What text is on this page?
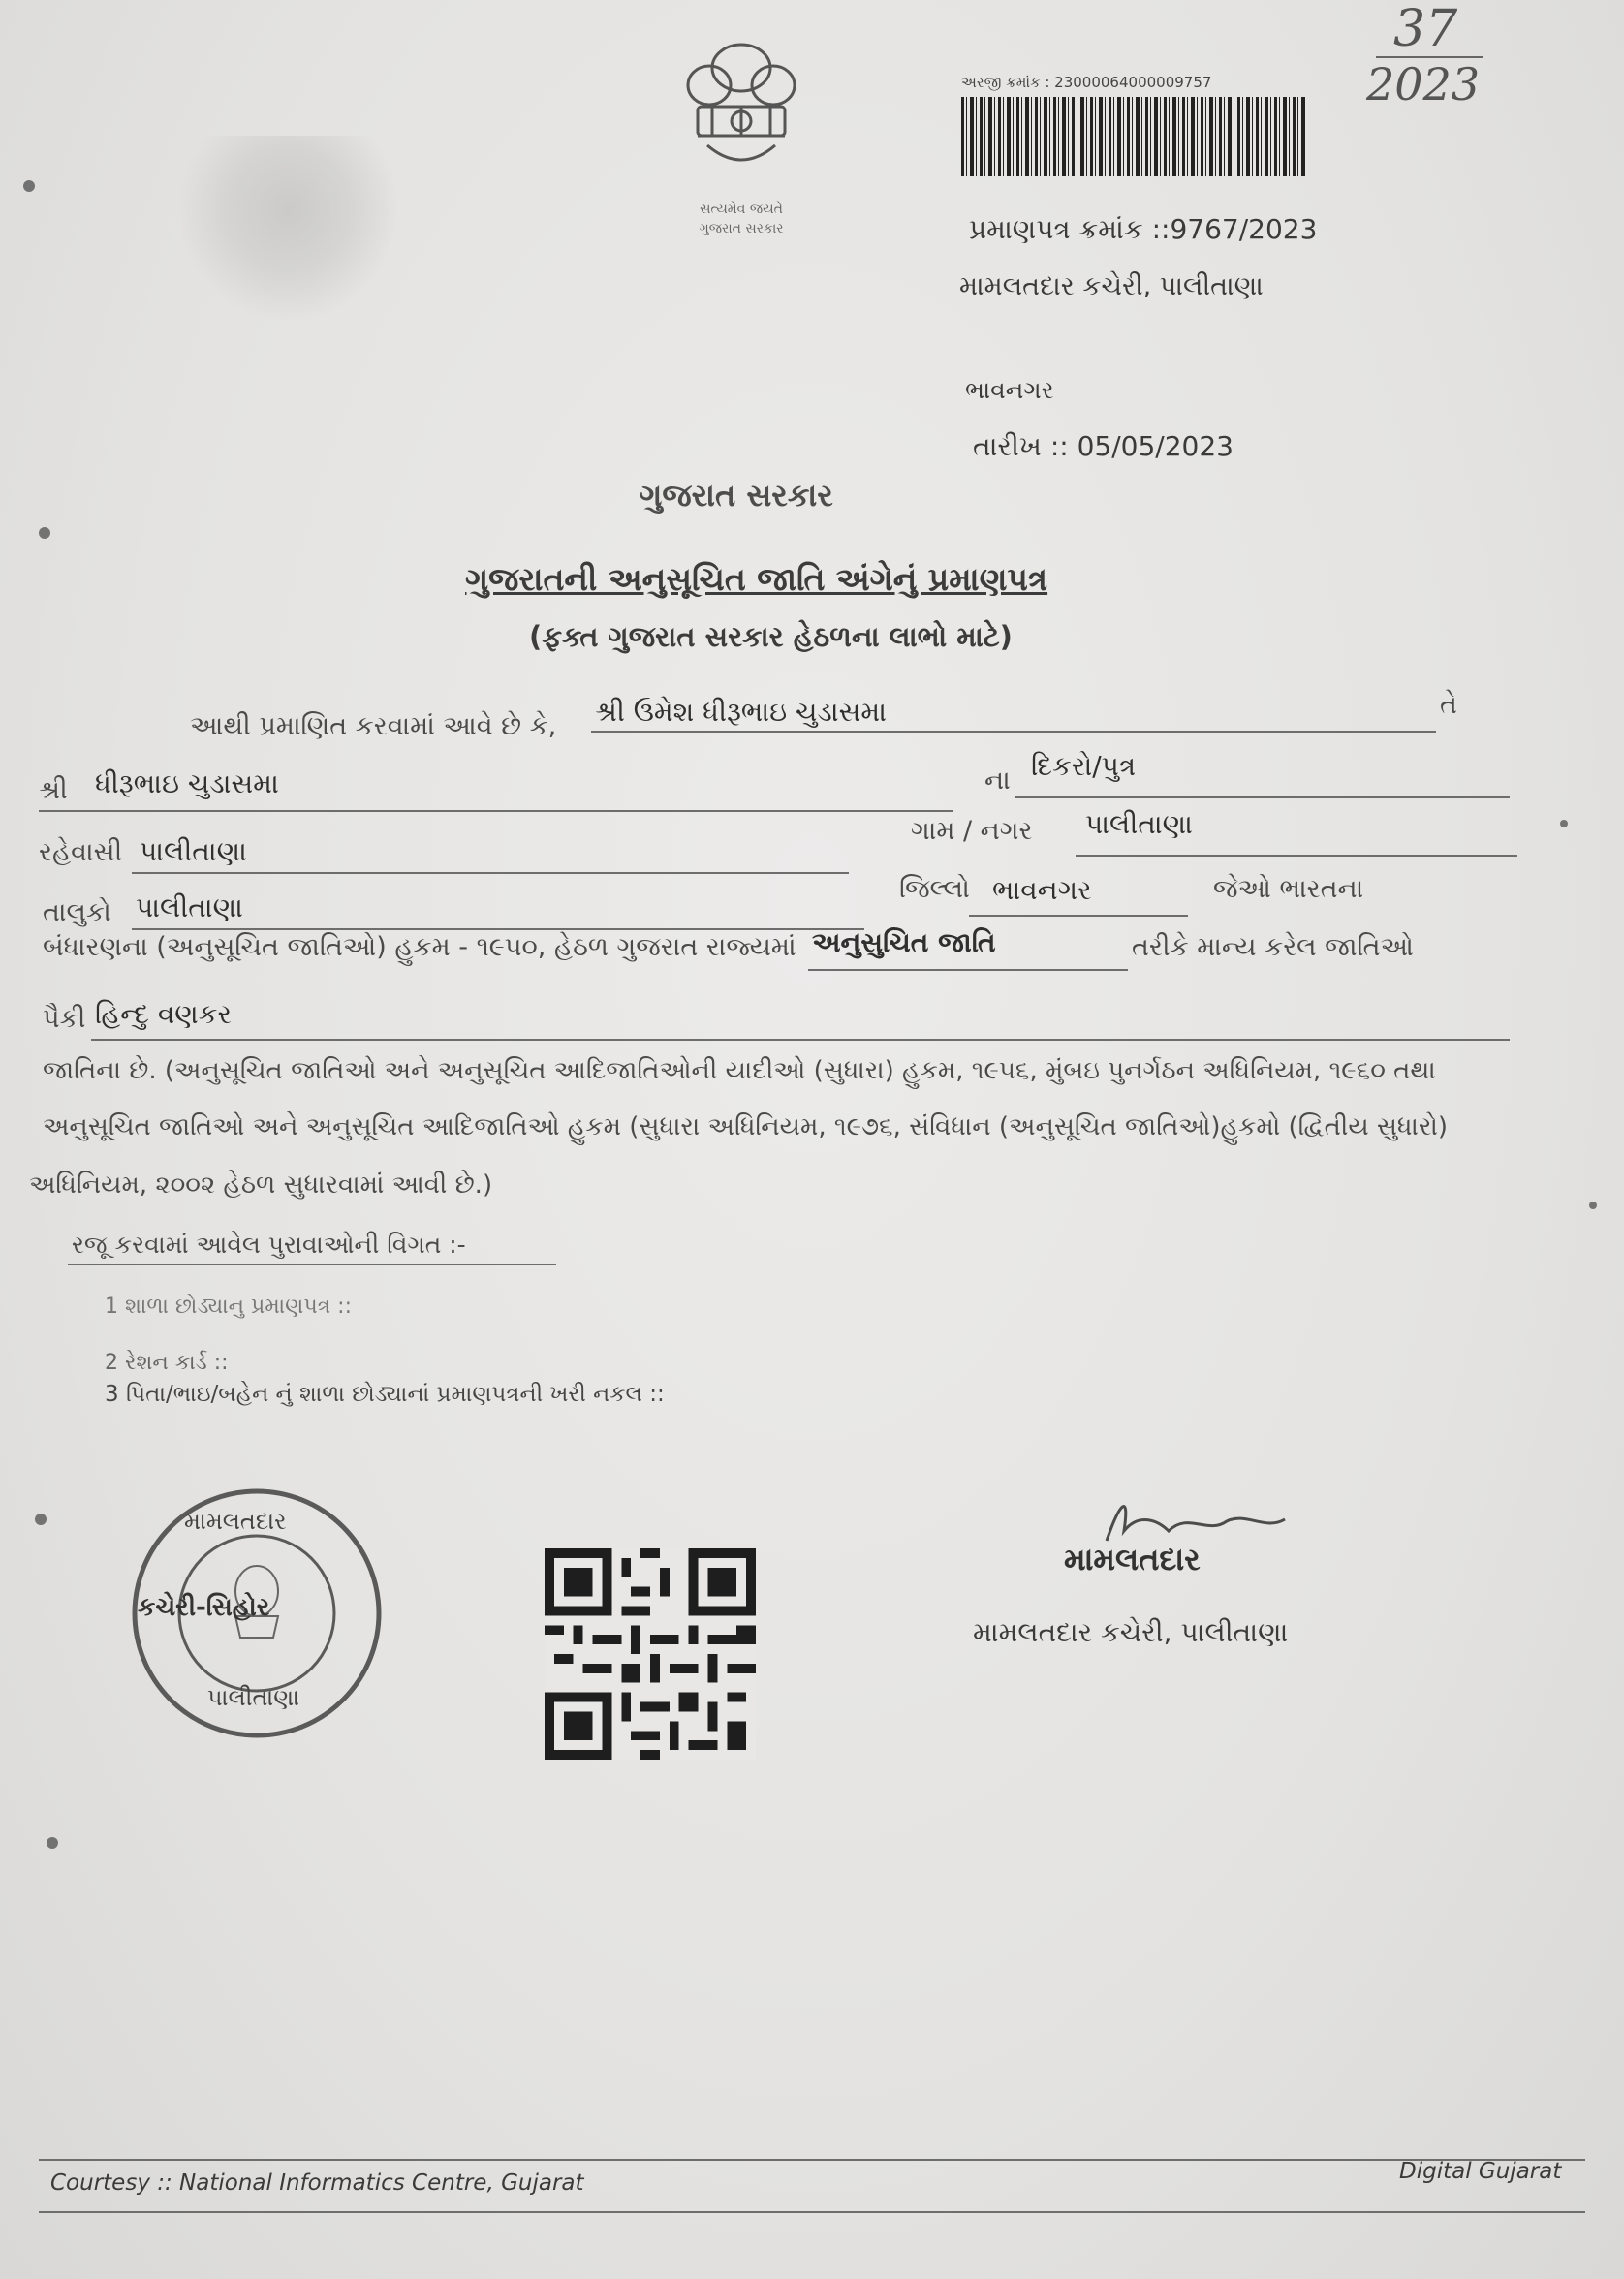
સત્યમેવ જયતે
ગુજરાત સરકાર
અરજી ક્રમાંક : 23000064000009757
37
2023
પ્રમાણપત્ર ક્રમાંક ::9767/2023
મામલતદાર કચેરી, પાલીતાણા
ભાવનગર
તારીખ :: 05/05/2023
ગુજરાત સરકાર
ગુજરાતની અનુસૂચિત જાતિ અંગેનું પ્રમાણપત્ર
(ફક્ત ગુજરાત સરકાર હેઠળના લાભો માટે)
આથી પ્રમાણિત કરવામાં આવે છે કે, શ્રી ઉમેશ ધીરૂભાઇ ચુડાસમા	તે
શ્રી ધીરૂભાઇ ચુડાસમા	ના દિકરો/પુત્ર
રહેવાસી પાલીતાણા
ગામ / નગર પાલીતાણા
તાલુકો પાલીતાણા
જિલ્લો ભાવનગર	જેઓ ભારતના
બંધારણના (અનુસૂચિત જાતિઓ) હુકમ - ૧૯૫૦, હેઠળ ગુજરાત રાજ્યમાં અનુસુચિત જાતિ	તરીકે માન્ય કરેલ જાતિઓ
પૈકી હિન્દુ વણકર
જાતિના છે. (અનુસૂચિત જાતિઓ અને અનુસૂચિત આદિજાતિઓની યાદીઓ (સુધારા) હુકમ, ૧૯૫૬, મુંબઇ પુનર્ગઠન અધિનિયમ, ૧૯૬૦ તથા
અનુસૂચિત જાતિઓ અને અનુસૂચિત આદિજાતિઓ હુકમ (સુધારા અધિનિયમ, ૧૯૭૬, સંવિધાન (અનુસૂચિત જાતિઓ)હુકમો (દ્વિતીય સુધારો)
અધિનિયમ, ૨૦૦૨ હેઠળ સુધારવામાં આવી છે.)
રજૂ કરવામાં આવેલ પુરાવાઓની વિગત :-
1 શાળા છોડ્યાનુ પ્રમાણપત્ર ::
2 રેશન કાર્ડ ::
3 પિતા/ભાઇ/બહેન નું શાળા છોડ્યાનાં પ્રમાણપત્રની ખરી નકલ ::
મામલતદાર
કચેરી-સિહોર
પાલીતાણા
મામલતદાર
મામલતદાર કચેરી, પાલીતાણા
Courtesy :: National Informatics Centre, Gujarat	Digital Gujarat
